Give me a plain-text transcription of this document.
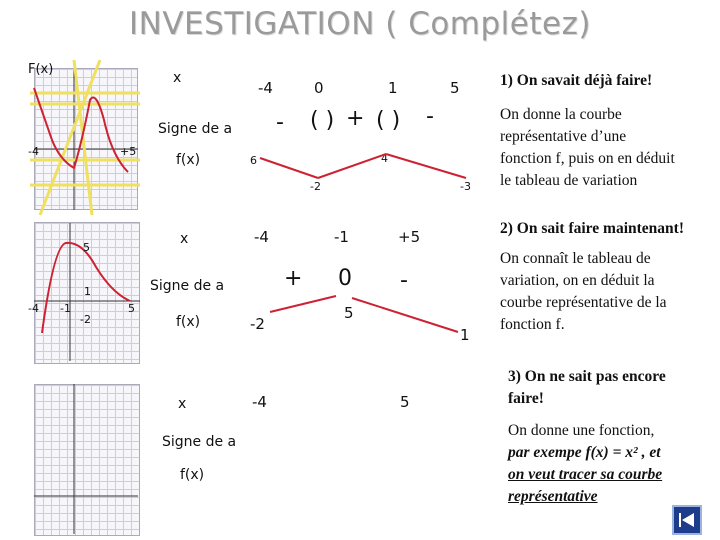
INVESTIGATION ( Complétez)
F(x)
-4	+5
x
Signe de a
f(x)
-4	0	1	5
- ( ) + ( ) -
6
-2
4
-3
5
1
-2
-4 -1	5
x
Signe de a
f(x)
-4	-1	+5
+ 0 -
-2
5
1
x
Signe de a
f(x)
-4	5
1) On savait déjà faire!
On donne la courbe
représentative d’une
fonction f, puis on en déduit
le tableau de variation
2) On sait faire maintenant!
On connaît le tableau de
variation, on en déduit la
courbe représentative de la
fonction f.
3) On ne sait pas encore
faire!
On donne une fonction,
par exempe f(x) = x² , et
on veut tracer sa courbe
représentative
